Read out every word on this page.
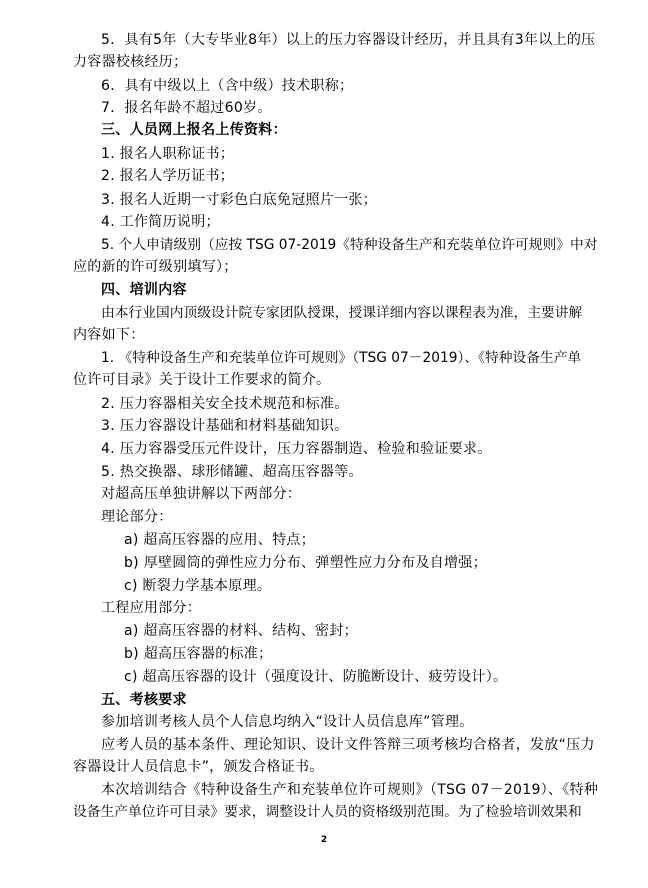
5．具有5年（大专毕业8年）以上的压力容器设计经历，并且具有3年以上的压
力容器校核经历；
6．具有中级以上（含中级）技术职称；
7．报名年龄不超过60岁。
三、人员网上报名上传资料：
1. 报名人职称证书；
2. 报名人学历证书；
3. 报名人近期一寸彩色白底免冠照片一张；
4. 工作简历说明；
5. 个人申请级别（应按 TSG 07-2019《特种设备生产和充装单位许可规则》中对
应的新的许可级别填写）；
四、培训内容
由本行业国内顶级设计院专家团队授课，授课详细内容以课程表为准，主要讲解
内容如下：
1. 《特种设备生产和充装单位许可规则》（TSG 07－2019）、《特种设备生产单
位许可目录》关于设计工作要求的简介。
2. 压力容器相关安全技术规范和标准。
3. 压力容器设计基础和材料基础知识。
4. 压力容器受压元件设计，压力容器制造、检验和验证要求。
5. 热交换器、球形储罐、超高压容器等。
对超高压单独讲解以下两部分：
理论部分：
a) 超高压容器的应用、特点；
b) 厚壁圆筒的弹性应力分布、弹塑性应力分布及自增强；
c) 断裂力学基本原理。
工程应用部分：
a) 超高压容器的材料、结构、密封；
b) 超高压容器的标准；
c) 超高压容器的设计（强度设计、防脆断设计、疲劳设计）。
五、考核要求
参加培训考核人员个人信息均纳入“设计人员信息库”管理。
应考人员的基本条件、理论知识、设计文件答辩三项考核均合格者，发放“压力
容器设计人员信息卡”，颁发合格证书。
本次培训结合《特种设备生产和充装单位许可规则》（TSG 07－2019）、《特种
设备生产单位许可目录》要求，调整设计人员的资格级别范围。为了检验培训效果和
2
